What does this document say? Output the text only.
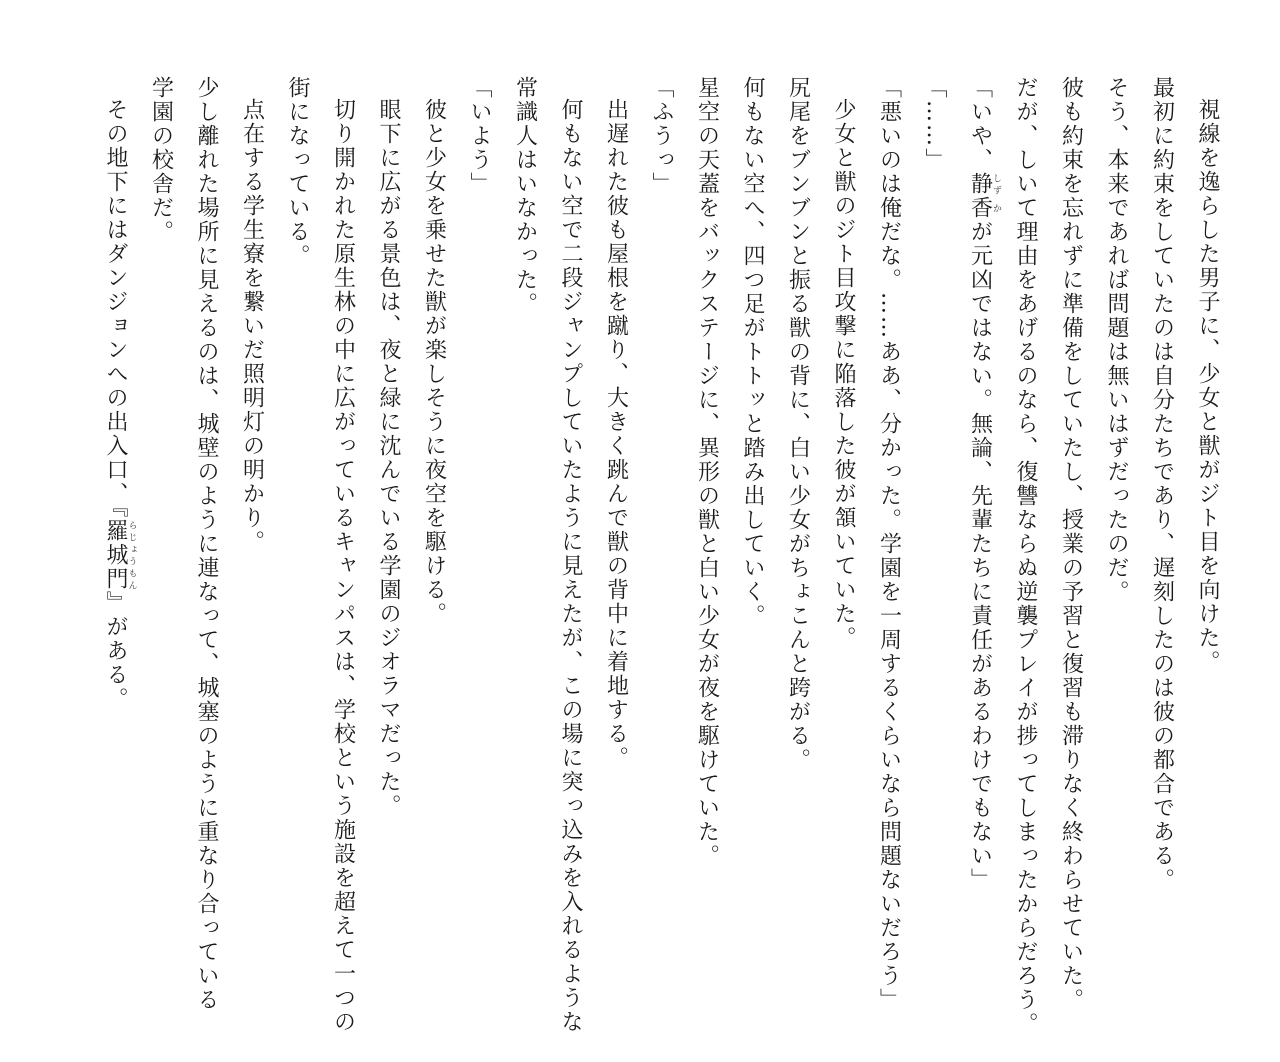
視線を逸らした男子に、少女と獣がジト目を向けた。
最初に約束をしていたのは自分たちであり、遅刻したのは彼の都合である。
そう、本来であれば問題は無いはずだったのだ。
彼も約束を忘れずに準備をしていたし、授業の予習と復習も滞りなく終わらせていた。
だが、しいて理由をあげるのなら、復讐ならぬ逆襲プレイが捗ってしまったからだろう。
「いや、静しず香かが元凶ではない。無論、先輩たちに責任があるわけでもない」
「……」
「悪いのは俺だな。……ああ、分かった。学園を一周するくらいなら問題ないだろう」
少女と獣のジト目攻撃に陥落した彼が頷いていた。
尻尾をブンブンと振る獣の背に、白い少女がちょこんと跨がる。
何もない空へ、四つ足がトトッと踏み出していく。
星空の天蓋をバックステージに、異形の獣と白い少女が夜を駆けていた。
「ふうっ」
出遅れた彼も屋根を蹴り、大きく跳んで獣の背中に着地する。
何もない空で二段ジャンプしていたように見えたが、この場に突っ込みを入れるような
常識人はいなかった。
「いよう」
彼と少女を乗せた獣が楽しそうに夜空を駆ける。
眼下に広がる景色は、夜と緑に沈んでいる学園のジオラマだった。
切り開かれた原生林の中に広がっているキャンパスは、学校という施設を超えて一つの
街になっている。
点在する学生寮を繋いだ照明灯の明かり。
少し離れた場所に見えるのは、城壁のように連なって、城塞のように重なり合っている
学園の校舎だ。
その地下にはダンジョンへの出入口、『羅城門らじょうもん』がある。
